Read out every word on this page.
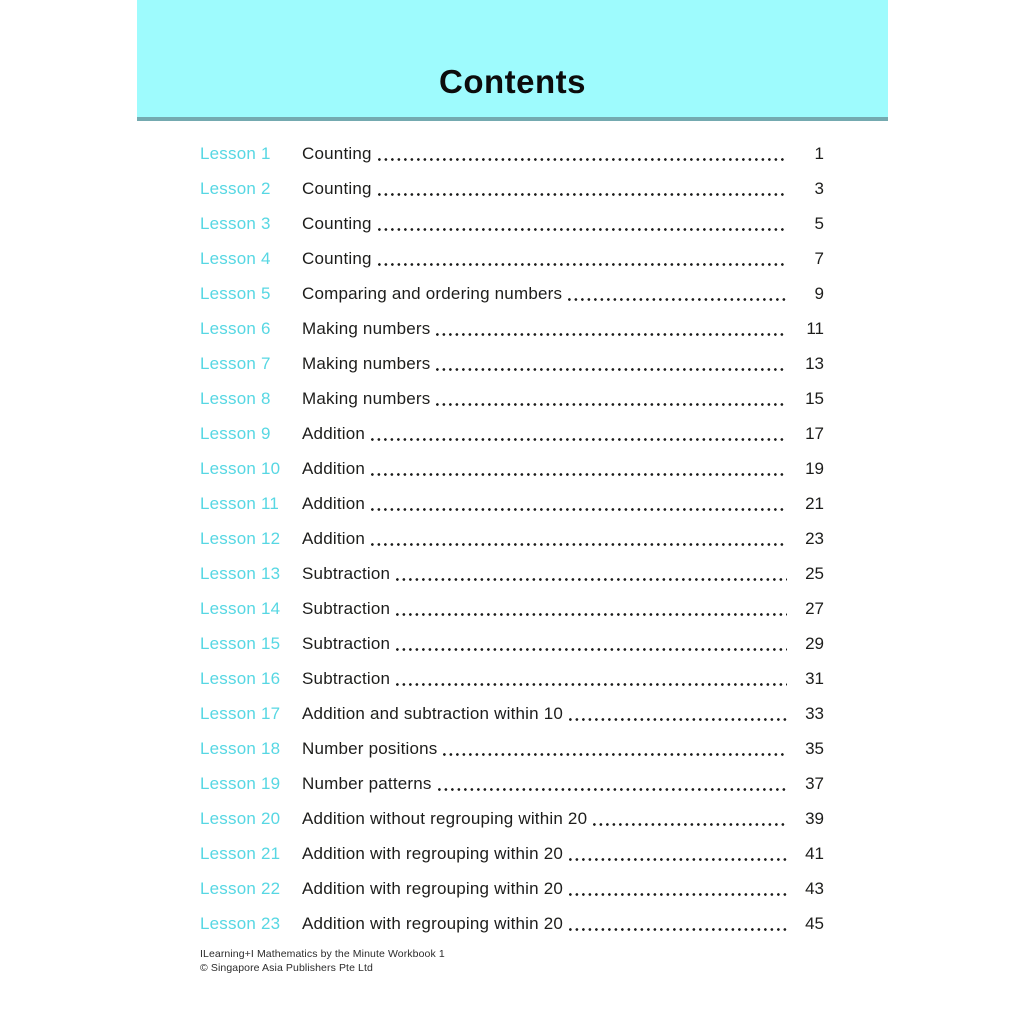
Contents
Lesson 1	Counting	1
Lesson 2	Counting	3
Lesson 3	Counting	5
Lesson 4	Counting	7
Lesson 5	Comparing and ordering numbers	9
Lesson 6	Making numbers	11
Lesson 7	Making numbers	13
Lesson 8	Making numbers	15
Lesson 9	Addition	17
Lesson 10	Addition	19
Lesson 11	Addition	21
Lesson 12	Addition	23
Lesson 13	Subtraction	25
Lesson 14	Subtraction	27
Lesson 15	Subtraction	29
Lesson 16	Subtraction	31
Lesson 17	Addition and subtraction within 10	33
Lesson 18	Number positions	35
Lesson 19	Number patterns	37
Lesson 20	Addition without regrouping within 20	39
Lesson 21	Addition with regrouping within 20	41
Lesson 22	Addition with regrouping within 20	43
Lesson 23	Addition with regrouping within 20	45
ILearning+I Mathematics by the Minute Workbook 1
© Singapore Asia Publishers Pte Ltd
